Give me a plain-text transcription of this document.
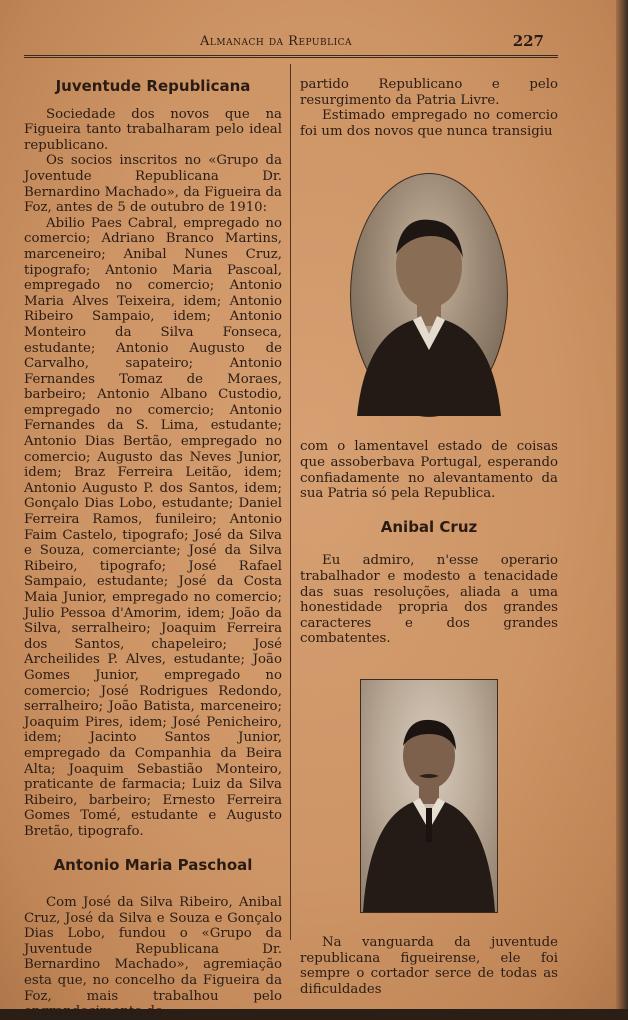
Almanach da Republica	227
Juventude Republicana

Sociedade dos novos que na Figueira tanto trabalharam pelo ideal republicano.

Os socios inscritos no «Grupo da Joventude Republicana Dr. Bernardino Machado», da Figueira da Foz, antes de 5 de outubro de 1910:

Abilio Paes Cabral, empregado no comercio; Adriano Branco Martins, marceneiro; Anibal Nunes Cruz, tipografo; Antonio Maria Pascoal, empregado no comercio; Antonio Maria Alves Teixeira, idem; Antonio Ribeiro Sampaio, idem; Antonio Monteiro da Silva Fonseca, estudante; Antonio Augusto de Carvalho, sapateiro; Antonio Fernandes Tomaz de Moraes, barbeiro; Antonio Albano Custodio, empregado no comercio; Antonio Fernandes da S. Lima, estudante; Antonio Dias Bertão, empregado no comercio; Augusto das Neves Junior, idem; Braz Ferreira Leitão, idem; Antonio Augusto P. dos Santos, idem; Gonçalo Dias Lobo, estudante; Daniel Ferreira Ramos, funileiro; Antonio Faim Castelo, tipografo; José da Silva e Souza, comerciante; José da Silva Ribeiro, tipografo; José Rafael Sampaio, estudante; José da Costa Maia Junior, empregado no comercio; Julio Pessoa d'Amorim, idem; João da Silva, serralheiro; Joaquim Ferreira dos Santos, chapeleiro; José Archeilides P. Alves, estudante; João Gomes Junior, empregado no comercio; José Rodrigues Redondo, serralheiro; João Batista, marceneiro; Joaquim Pires, idem; José Penicheiro, idem; Jacinto Santos Junior, empregado da Companhia da Beira Alta; Joaquim Sebastião Monteiro, praticante de farmacia; Luiz da Silva Ribeiro, barbeiro; Ernesto Ferreira Gomes Tomé, estudante e Augusto Bretão, tipografo.

Antonio Maria Paschoal

Com José da Silva Ribeiro, Anibal Cruz, José da Silva e Souza e Gonçalo Dias Lobo, fundou o «Grupo da Juventude Republicana Dr. Bernardino Machado», agremiação esta que, no concelho da Figueira da Foz, mais trabalhou pelo engrandecimento do

partido Republicano e pelo resurgimento da Patria Livre.

Estimado empregado no comercio foi um dos novos que nunca transigiu

com o lamentavel estado de coisas que assoberbava Portugal, esperando confiadamente no alevantamento da sua Patria só pela Republica.

Anibal Cruz

Eu admiro, n'esse operario trabalhador e modesto a tenacidade das suas resoluções, aliada a uma honestidade propria dos grandes caracteres e dos grandes combatentes.

Na vanguarda da juventude republicana figueirense, ele foi sempre o cortador serce de todas as dificuldades
